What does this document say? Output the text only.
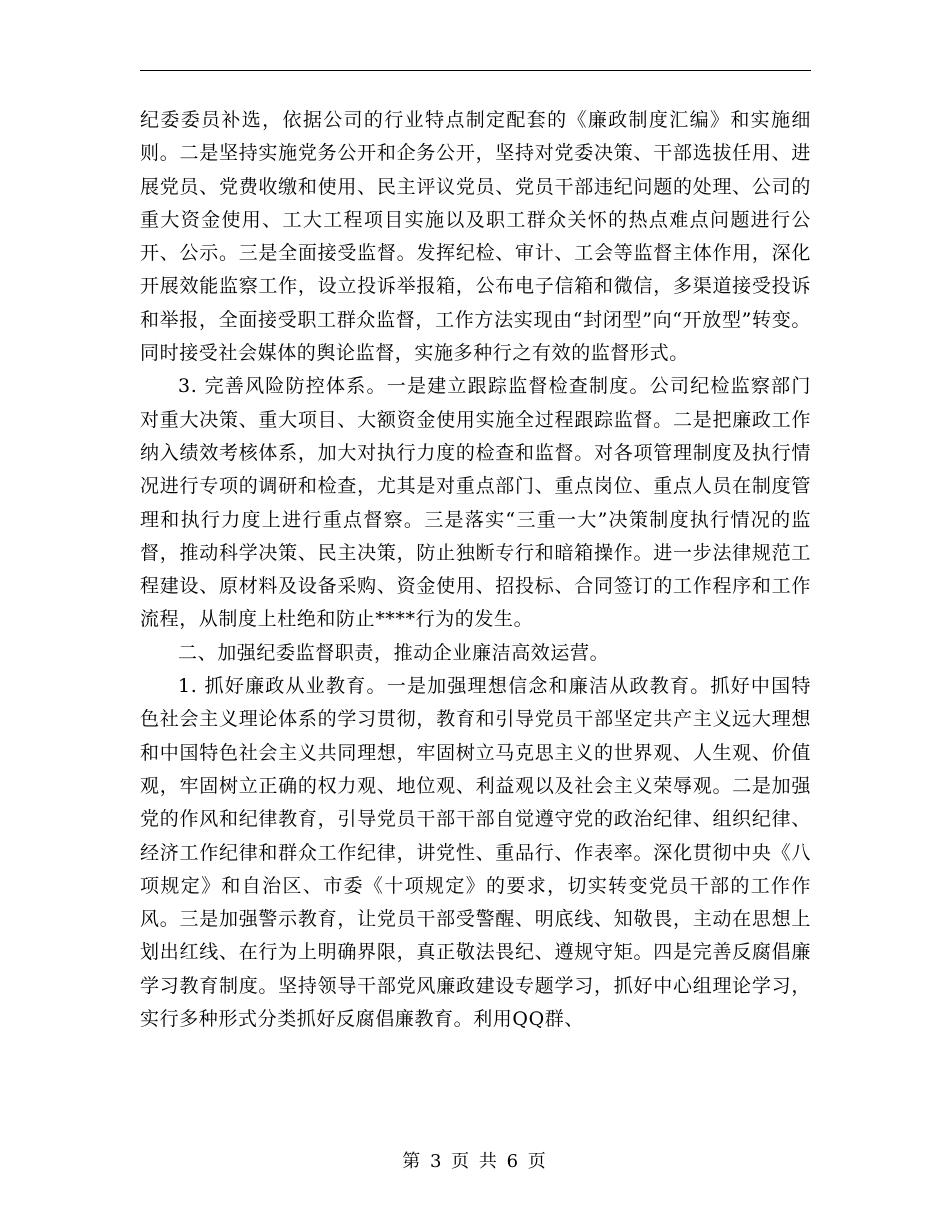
纪委委员补选，依据公司的行业特点制定配套的《廉政制度汇编》和实施细则。二是坚持实施党务公开和企务公开，坚持对党委决策、干部选拔任用、进展党员、党费收缴和使用、民主评议党员、党员干部违纪问题的处理、公司的重大资金使用、工大工程项目实施以及职工群众关怀的热点难点问题进行公开、公示。三是全面接受监督。发挥纪检、审计、工会等监督主体作用，深化开展效能监察工作，设立投诉举报箱，公布电子信箱和微信，多渠道接受投诉和举报，全面接受职工群众监督，工作方法实现由“封闭型”向“开放型”转变。同时接受社会媒体的舆论监督，实施多种行之有效的监督形式。

3. 完善风险防控体系。一是建立跟踪监督检查制度。公司纪检监察部门对重大决策、重大项目、大额资金使用实施全过程跟踪监督。二是把廉政工作纳入绩效考核体系，加大对执行力度的检查和监督。对各项管理制度及执行情况进行专项的调研和检查，尤其是对重点部门、重点岗位、重点人员在制度管理和执行力度上进行重点督察。三是落实“三重一大”决策制度执行情况的监督，推动科学决策、民主决策，防止独断专行和暗箱操作。进一步法律规范工程建设、原材料及设备采购、资金使用、招投标、合同签订的工作程序和工作流程，从制度上杜绝和防止****行为的发生。

二、加强纪委监督职责，推动企业廉洁高效运营。

1. 抓好廉政从业教育。一是加强理想信念和廉洁从政教育。抓好中国特色社会主义理论体系的学习贯彻，教育和引导党员干部坚定共产主义远大理想和中国特色社会主义共同理想，牢固树立马克思主义的世界观、人生观、价值观，牢固树立正确的权力观、地位观、利益观以及社会主义荣辱观。二是加强党的作风和纪律教育，引导党员干部干部自觉遵守党的政治纪律、组织纪律、经济工作纪律和群众工作纪律，讲党性、重品行、作表率。深化贯彻中央《八项规定》和自治区、市委《十项规定》的要求，切实转变党员干部的工作作风。三是加强警示教育，让党员干部受警醒、明底线、知敬畏，主动在思想上划出红线、在行为上明确界限，真正敬法畏纪、遵规守矩。四是完善反腐倡廉学习教育制度。坚持领导干部党风廉政建设专题学习，抓好中心组理论学习，实行多种形式分类抓好反腐倡廉教育。利用QQ群、

第 3 页 共 6 页
